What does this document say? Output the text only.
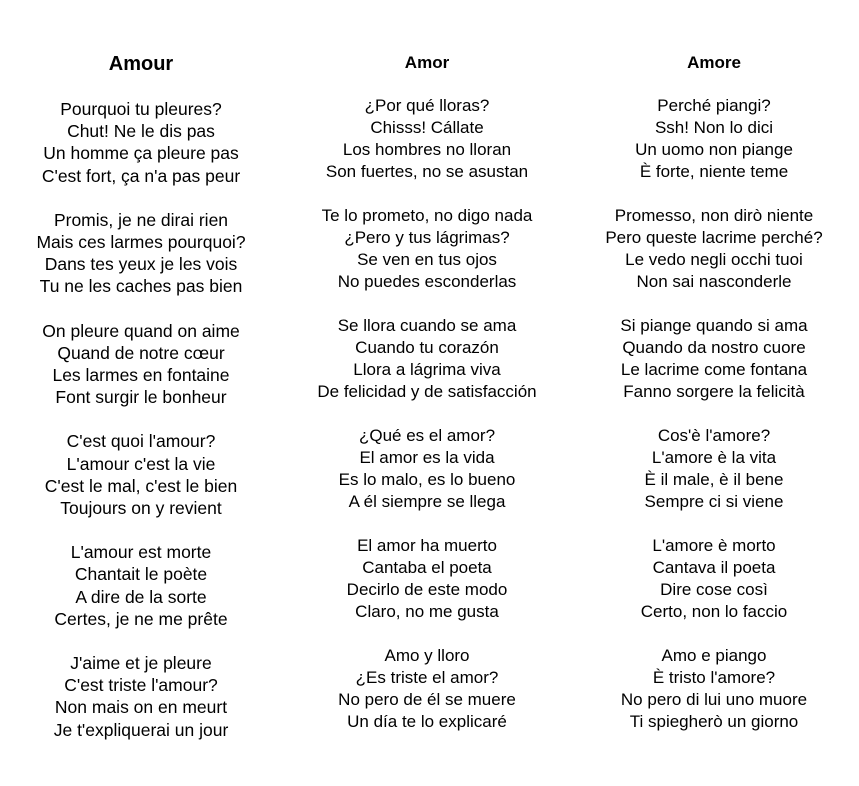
Amour
Pourquoi tu pleures?
Chut! Ne le dis pas
Un homme ça pleure pas
C'est fort, ça n'a pas peur
Promis, je ne dirai rien
Mais ces larmes pourquoi?
Dans tes yeux je les vois
Tu ne les caches pas bien
On pleure quand on aime
Quand de notre cœur
Les larmes en fontaine
Font surgir le bonheur
C'est quoi l'amour?
L'amour c'est la vie
C'est le mal, c'est le bien
Toujours on y revient
L'amour est morte
Chantait le poète
A dire de la sorte
Certes, je ne me prête
J'aime et je pleure
C'est triste l'amour?
Non mais on en meurt
Je t'expliquerai un jour
Amor
¿Por qué lloras?
Chisss! Cállate
Los hombres no lloran
Son fuertes, no se asustan
Te lo prometo, no digo nada
¿Pero y tus lágrimas?
Se ven en tus ojos
No puedes esconderlas
Se llora cuando se ama
Cuando tu corazón
Llora a lágrima viva
De felicidad y de satisfacción
¿Qué es el amor?
El amor es la vida
Es lo malo, es lo bueno
A él siempre se llega
El amor ha muerto
Cantaba el poeta
Decirlo de este modo
Claro, no me gusta
Amo y lloro
¿Es triste el amor?
No pero de él se muere
Un día te lo explicaré
Amore
Perché piangi?
Ssh! Non lo dici
Un uomo non piange
È forte, niente teme
Promesso, non dirò niente
Pero queste lacrime perché?
Le vedo negli occhi tuoi
Non sai nasconderle
Si piange quando si ama
Quando da nostro cuore
Le lacrime come fontana
Fanno sorgere la felicità
Cos'è l'amore?
L'amore è la vita
È il male, è il bene
Sempre ci si viene
L'amore è morto
Cantava il poeta
Dire cose così
Certo, non lo faccio
Amo e piango
È tristo l'amore?
No pero di lui uno muore
Ti spiegherò un giorno
